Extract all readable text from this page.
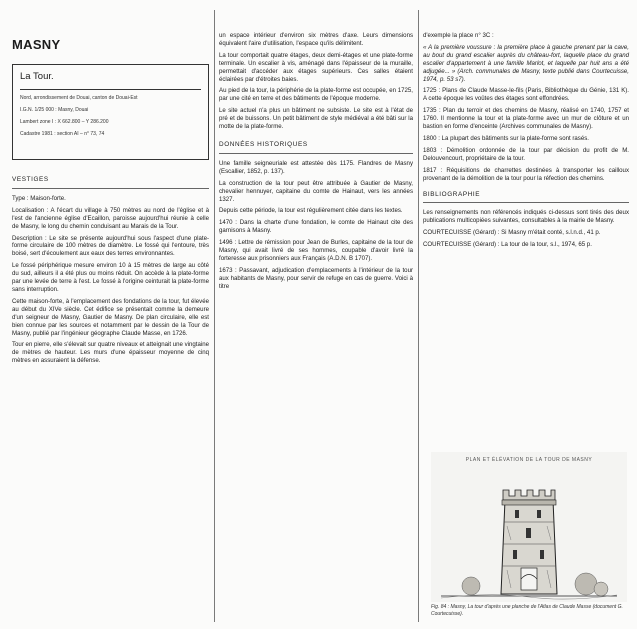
MASNY
La Tour.
Nord, arrondissement de Douai, canton de Douai-Est
I.G.N. 1/25 000 : Masny, Douai
Lambert zone I : X 662.800 – Y 286.200
Cadastre 1981 : section AI – n° 73, 74
VESTIGES

Type : Maison-forte.

Localisation : A l'écart du village à 750 mètres au nord de l'église et à l'est de l'ancienne église d'Ecaillon, paroisse aujourd'hui réunie à celle de Masny, le long du chemin conduisant au Marais de la Tour.

Description : Le site se présente aujourd'hui sous l'aspect d'une plate-forme circulaire de 100 mètres de diamètre. Le fossé qui l'entoure, très boisé, sert d'écoulement aux eaux des terres environnantes.

Le fossé périphérique mesure environ 10 à 15 mètres de large au côté du sud, ailleurs il a été plus ou moins réduit. On accède à la plate-forme par une levée de terre à l'est. Le fossé à l'origine ceinturait la plate-forme sans interruption.

Cette maison-forte, à l'emplacement des fondations de la tour, fut élevée au début du XIVe siècle. Cet édifice se présentait comme la demeure d'un seigneur de Masny, Gautier de Masny. De plan circulaire, elle est bien connue par les sources et notamment par le dessin de la Tour de Masny, publié par l'ingénieur géographe Claude Masse, en 1726.

Tour en pierre, elle s'élevait sur quatre niveaux et atteignait une vingtaine de mètres de hauteur. Les murs d'une épaisseur moyenne de cinq mètres en assuraient la défense.

un espace intérieur d'environ six mètres d'axe. Leurs dimensions équivalent l'aire d'utilisation, l'espace qu'ils délimitent.

La tour comportait quatre étages, deux demi-étages et une plate-forme terminale. Un escalier à vis, aménagé dans l'épaisseur de la muraille, permettait d'accéder aux étages supérieurs. Ces salles étaient éclairées par d'étroites baies.

Au pied de la tour, la périphérie de la plate-forme est occupée, en 1725, par une cité en terre et des bâtiments de l'époque moderne.

Le site actuel n'a plus un bâtiment ne subsiste. Le site est à l'état de pré et de buissons. Un petit bâtiment de style médiéval a été bâti sur la motte de la plate-forme.

DONNÉES HISTORIQUES

Une famille seigneuriale est attestée dès 1175. Flandres de Masny (Escallier, 1852, p. 137).

La construction de la tour peut être attribuée à Gautier de Masny, chevalier hennuyer, capitaine du comte de Hainaut, vers les années 1327.

Depuis cette période, la tour est régulièrement citée dans les textes.

1470 : Dans la charte d'une fondation, le comte de Hainaut cite des garnisons à Masny.

1496 : Lettre de rémission pour Jean de Burles, capitaine de la tour de Masny, qui avait livré de ses hommes, coupable d'avoir livré la forteresse aux prisonniers aux Français (A.D.N. B 1707).

1673 : Passavant, adjudication d'emplacements à l'intérieur de la tour aux habitants de Masny, pour servir de refuge en cas de guerre. Voici à titre

d'exemple la place n° 3C :

« A la première voussure : la première place à gauche prenant par la cave, au bout du grand escalier auprès du château-fort, laquelle place du grand escalier d'appartement à une famille Marlot, et laquelle par huit ans a été adjugée... » (Arch. communales de Masny, texte publié dans Courtecuisse, 1974, p. 53 s7).

1725 : Plans de Claude Masse-le-fils (Paris, Bibliothèque du Génie, 131 K). A cette époque les voûtes des étages sont effondrées.

1735 : Plan du terroir et des chemins de Masny, réalisé en 1740, 1757 et 1760. Il mentionne la tour et la plate-forme avec un mur de clôture et un bastion en forme d'enceinte (Archives communales de Masny).

1800 : La plupart des bâtiments sur la plate-forme sont rasés.

1803 : Démolition ordonnée de la tour par décision du profit de M. Delouvencourt, propriétaire de la tour.

1817 : Réquisitions de charrettes destinées à transporter les cailloux provenant de la démolition de la tour pour la réfection des chemins.

BIBLIOGRAPHIE

Les renseignements non référencés indiqués ci-dessus sont tirés des deux publications multicopiées suivantes, consultables à la mairie de Masny.

COURTECUISSE (Gérard) : Si Masny m'était conté, s.l.n.d., 41 p.

COURTECUISSE (Gérard) : La tour de la tour, s.l., 1974, 65 p.

PLAN ET ÉLÉVATION DE LA TOUR DE MASNY
Fig. 84 : Masny, La tour d'après une planche de l'Atlas de Claude Masse (document G. Courtecuisse).
